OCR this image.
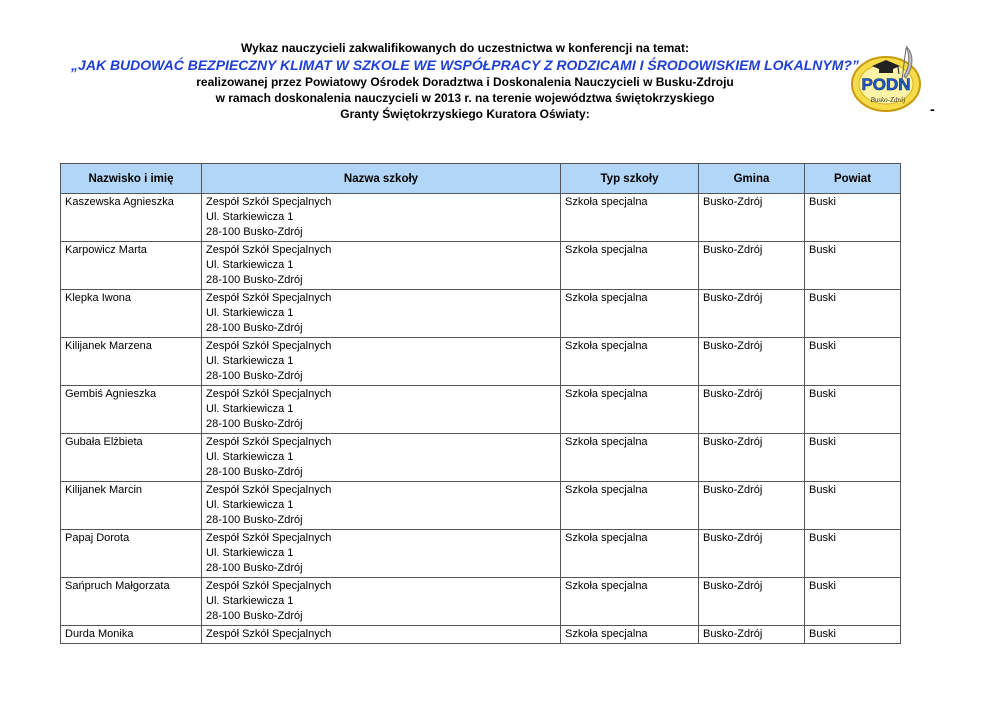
Wykaz nauczycieli zakwalifikowanych do uczestnictwa w konferencji na temat:
„JAK BUDOWAĆ BEZPIECZNY KLIMAT W SZKOLE WE WSPÓŁPRACY Z RODZICAMI I ŚRODOWISKIEM LOKALNYM?”
realizowanej przez Powiatowy Ośrodek Doradztwa i Doskonalenia Nauczycieli w Busku-Zdroju
w ramach doskonalenia nauczycieli w 2013 r. na terenie województwa świętokrzyskiego
Granty Świętokrzyskiego Kuratora Oświaty:
PODN
Busko-Zdrój
-
Nazwisko i imię	Nazwa szkoły	Typ szkoły	Gmina	Powiat
Kaszewska Agnieszka	Zespół Szkół Specjalnych
Ul. Starkiewicza 1
28-100 Busko-Zdrój	Szkoła specjalna	Busko-Zdrój	Buski
Karpowicz Marta	Zespół Szkół Specjalnych
Ul. Starkiewicza 1
28-100 Busko-Zdrój	Szkoła specjalna	Busko-Zdrój	Buski
Klepka Iwona	Zespół Szkół Specjalnych
Ul. Starkiewicza 1
28-100 Busko-Zdrój	Szkoła specjalna	Busko-Zdrój	Buski
Kilijanek Marzena	Zespół Szkół Specjalnych
Ul. Starkiewicza 1
28-100 Busko-Zdrój	Szkoła specjalna	Busko-Zdrój	Buski
Gembiś Agnieszka	Zespół Szkół Specjalnych
Ul. Starkiewicza 1
28-100 Busko-Zdrój	Szkoła specjalna	Busko-Zdrój	Buski
Gubała Elżbieta	Zespół Szkół Specjalnych
Ul. Starkiewicza 1
28-100 Busko-Zdrój	Szkoła specjalna	Busko-Zdrój	Buski
Kilijanek Marcin	Zespół Szkół Specjalnych
Ul. Starkiewicza 1
28-100 Busko-Zdrój	Szkoła specjalna	Busko-Zdrój	Buski
Papaj Dorota	Zespół Szkół Specjalnych
Ul. Starkiewicza 1
28-100 Busko-Zdrój	Szkoła specjalna	Busko-Zdrój	Buski
Sańpruch Małgorzata	Zespół Szkół Specjalnych
Ul. Starkiewicza 1
28-100 Busko-Zdrój	Szkoła specjalna	Busko-Zdrój	Buski
Durda Monika	Zespół Szkół Specjalnych	Szkoła specjalna	Busko-Zdrój	Buski
